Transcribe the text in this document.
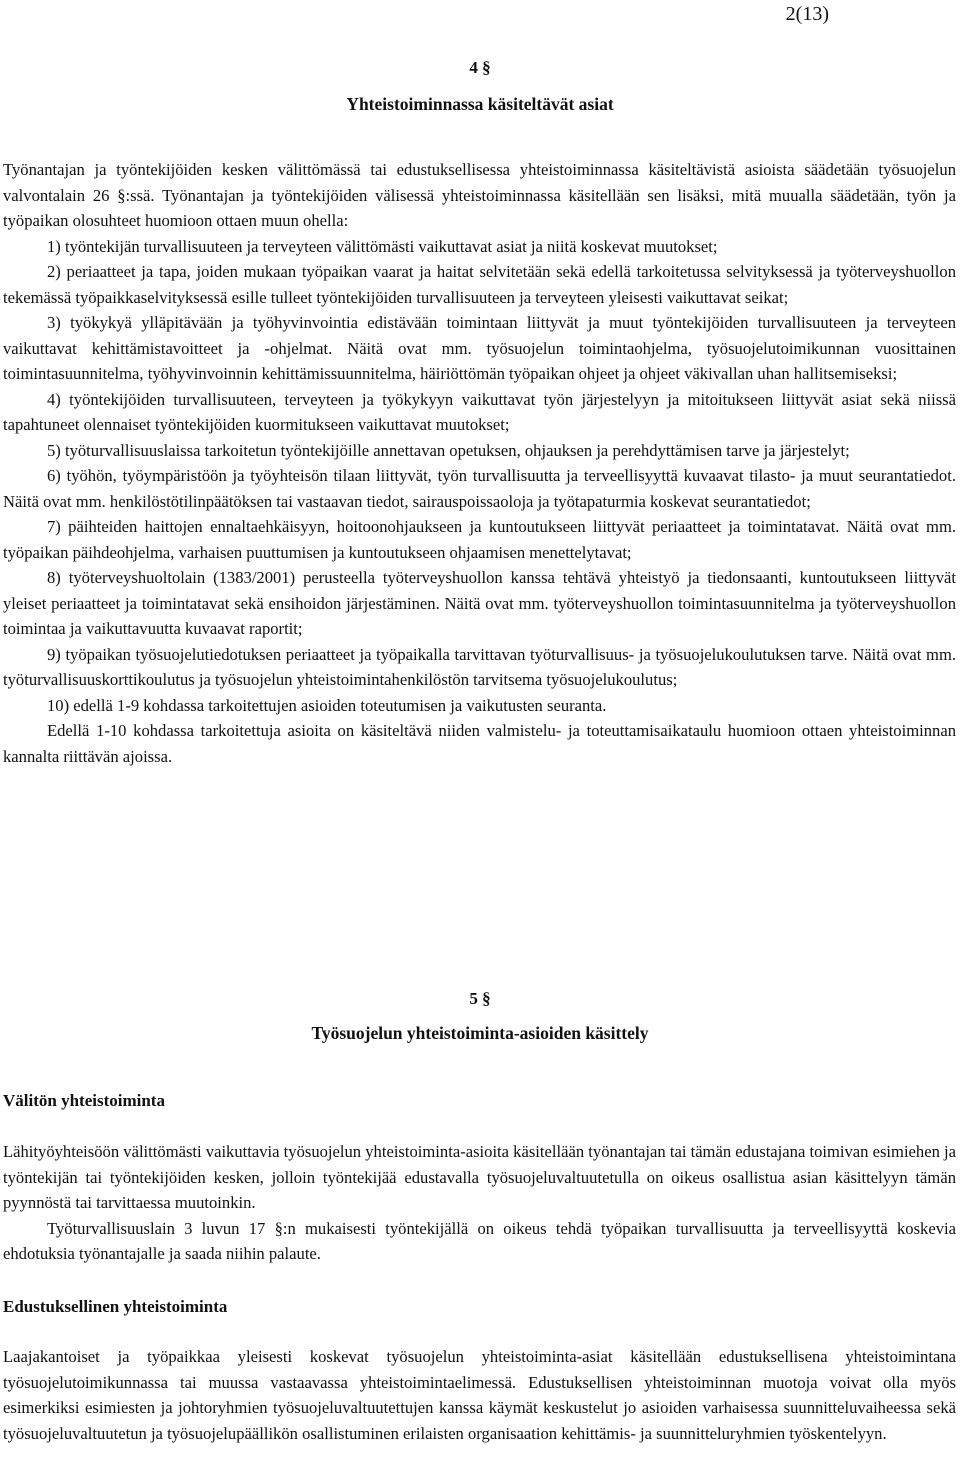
2(13)
4 §
Yhteistoiminnassa käsiteltävät asiat

Työnantajan ja työntekijöiden kesken välittömässä tai edustuksellisessa yhteistoiminnassa käsiteltävistä asioista säädetään työsuojelun valvontalain 26 §:ssä. Työnantajan ja työntekijöiden välisessä yhteistoiminnassa käsitellään sen lisäksi, mitä muualla säädetään, työn ja työpaikan olosuhteet huomioon ottaen muun ohella:

1) työntekijän turvallisuuteen ja terveyteen välittömästi vaikuttavat asiat ja niitä koskevat muutokset;

2) periaatteet ja tapa, joiden mukaan työpaikan vaarat ja haitat selvitetään sekä edellä tarkoitetussa selvityksessä ja työterveyshuollon tekemässä työpaikkaselvityksessä esille tulleet työntekijöiden turvallisuuteen ja terveyteen yleisesti vaikuttavat seikat;

3) työkykyä ylläpitävään ja työhyvinvointia edistävään toimintaan liittyvät ja muut työntekijöiden turvallisuuteen ja terveyteen vaikuttavat kehittämistavoitteet ja -ohjelmat. Näitä ovat mm. työsuojelun toimintaohjelma, työsuojelutoimikunnan vuosittainen toimintasuunnitelma, työhyvinvoinnin kehittämissuunnitelma, häiriöttömän työpaikan ohjeet ja ohjeet väkivallan uhan hallitsemiseksi;

4) työntekijöiden turvallisuuteen, terveyteen ja työkykyyn vaikuttavat työn järjestelyyn ja mitoitukseen liittyvät asiat sekä niissä tapahtuneet olennaiset työntekijöiden kuormitukseen vaikuttavat muutokset;

5) työturvallisuuslaissa tarkoitetun työntekijöille annettavan opetuksen, ohjauksen ja perehdyttämisen tarve ja järjestelyt;

6) työhön, työympäristöön ja työyhteisön tilaan liittyvät, työn turvallisuutta ja terveellisyyttä kuvaavat tilasto- ja muut seurantatiedot. Näitä ovat mm. henkilöstötilinpäätöksen tai vastaavan tiedot, sairauspoissaoloja ja työtapaturmia koskevat seurantatiedot;

7) päihteiden haittojen ennaltaehkäisyyn, hoitoonohjaukseen ja kuntoutukseen liittyvät periaatteet ja toimintatavat. Näitä ovat mm. työpaikan päihdeohjelma, varhaisen puuttumisen ja kuntoutukseen ohjaamisen menettelytavat;

8) työterveyshuoltolain (1383/2001) perusteella työterveyshuollon kanssa tehtävä yhteistyö ja tiedonsaanti, kuntoutukseen liittyvät yleiset periaatteet ja toimintatavat sekä ensihoidon järjestäminen. Näitä ovat mm. työterveyshuollon toimintasuunnitelma ja työterveyshuollon toimintaa ja vaikuttavuutta kuvaavat raportit;

9) työpaikan työsuojelutiedotuksen periaatteet ja työpaikalla tarvittavan työturvallisuus- ja työsuojelukoulutuksen tarve. Näitä ovat mm. työturvallisuuskorttikoulutus ja työsuojelun yhteistoimintahenkilöstön tarvitsema työsuojelukoulutus;

10) edellä 1-9 kohdassa tarkoitettujen asioiden toteutumisen ja vaikutusten seuranta.

Edellä 1-10 kohdassa tarkoitettuja asioita on käsiteltävä niiden valmistelu- ja toteuttamisaikataulu huomioon ottaen yhteistoiminnan kannalta riittävän ajoissa.

5 §
Työsuojelun yhteistoiminta-asioiden käsittely
Välitön yhteistoiminta

Lähityöyhteisöön välittömästi vaikuttavia työsuojelun yhteistoiminta-asioita käsitellään työnantajan tai tämän edustajana toimivan esimiehen ja työntekijän tai työntekijöiden kesken, jolloin työntekijää edustavalla työsuojeluvaltuutetulla on oikeus osallistua asian käsittelyyn tämän pyynnöstä tai tarvittaessa muutoinkin.

Työturvallisuuslain 3 luvun 17 §:n mukaisesti työntekijällä on oikeus tehdä työpaikan turvallisuutta ja terveellisyyttä koskevia ehdotuksia työnantajalle ja saada niihin palaute.

Edustuksellinen yhteistoiminta

Laajakantoiset ja työpaikkaa yleisesti koskevat työsuojelun yhteistoiminta-asiat käsitellään edustuksellisena yhteistoimintana työsuojelutoimikunnassa tai muussa vastaavassa yhteistoimintaelimessä. Edustuksellisen yhteistoiminnan muotoja voivat olla myös esimerkiksi esimiesten ja johtoryhmien työsuojeluvaltuutettujen kanssa käymät keskustelut jo asioiden varhaisessa suunnitteluvaiheessa sekä työsuojeluvaltuutetun ja työsuojelupäällikön osallistuminen erilaisten organisaation kehittämis- ja suunnitteluryhmien työskentelyyn.
